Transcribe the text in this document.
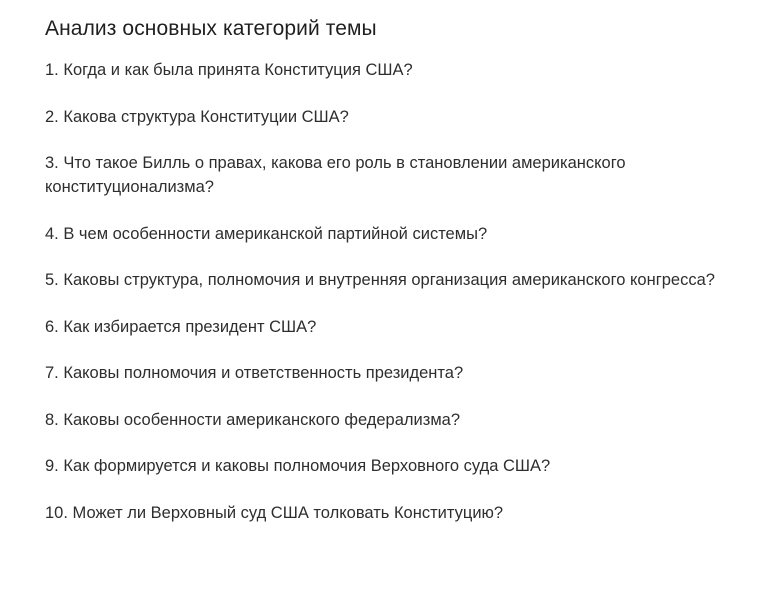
Анализ основных категорий темы
1. Когда и как была принята Конституция США?
2. Какова структура Конституции США?
3. Что такое Билль о правах, какова его роль в становлении американского конституционализма?
4. В чем особенности американской партийной системы?
5. Каковы структура, полномочия и внутренняя организация американского конгресса?
6. Как избирается президент США?
7. Каковы полномочия и ответственность президента?
8. Каковы особенности американского федерализма?
9. Как формируется и каковы полномочия Верховного суда США?
10. Может ли Верховный суд США толковать Конституцию?
